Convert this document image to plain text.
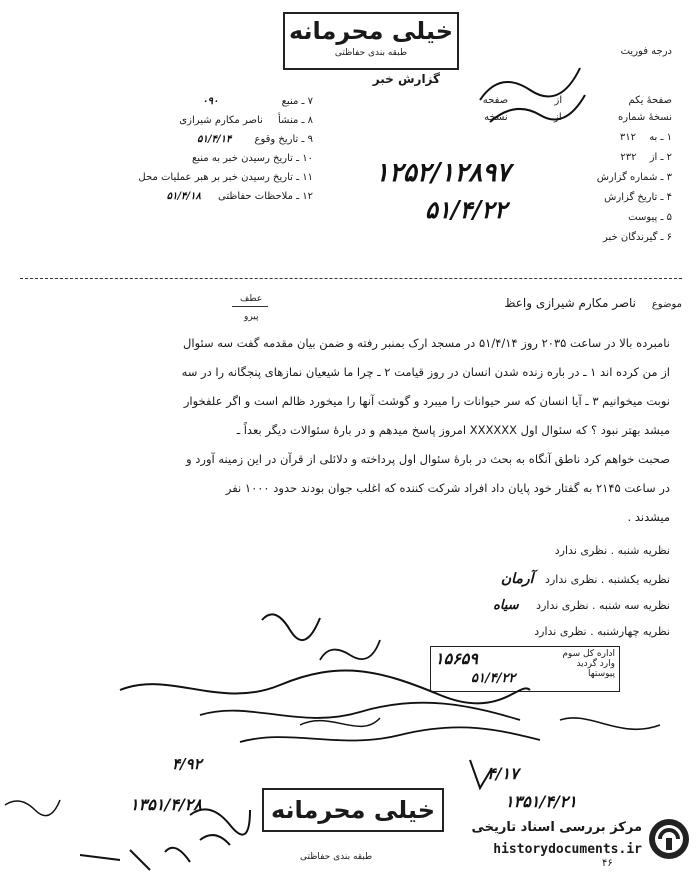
خیلی محرمانه
طبقه بندی حفاظتی	درجه فوریت
گزارش خبر
صفحهٔ یکم  از  صفحه
نسخهٔ شماره  از  نسخه
۱ ـ به ۳۱۲
۲ ـ از ۲۳۲
۳ ـ شماره گزارش
۴ ـ تاریخ گزارش
۵ ـ پیوست
۶ ـ گیرندگان خبر
۷ ـ منبع ۰۹۰
۸ ـ منشأ ناصر مکارم شیرازی
۹ ـ تاریخ وقوع ۵۱/۴/۱۴
۱۰ ـ تاریخ رسیدن خبر به منبع
۱۱ ـ تاریخ رسیدن خبر بر هبر عملیات محل
۱۲ ـ ملاحظات حفاظتی ۵۱/۴/۱۸
۱۲۵۲/۱۲۸۹۷
۵۱/۴/۲۲
موضوع ناصر مکارم شیرازی واعظ
عطف
پیرو
نامبرده بالا در ساعت ۲۰۳۵ روز ۵۱/۴/۱۴ در مسجد ارک بمنبر رفته و ضمن بیان مقدمه گفت سه سئوال
از من کرده اند ۱ ـ در باره زنده شدن انسان در روز قیامت ۲ ـ چرا ما شیعیان نمازهای پنجگانه را در سه
نوبت میخوانیم ۳ ـ آیا انسان که سر حیوانات را میبرد و گوشت آنها را میخورد ظالم است و اگر علفخوار
میشد بهتر نبود ؟ که سئوال اول XXXXXX امروز پاسخ میدهم و در بارهٔ سئوالات دیگر بعداً ـ
صحبت خواهم کرد ناطق آنگاه به بحث در بارهٔ سئوال اول پرداخته و دلائلی از قرآن در این زمینه آورد و
در ساعت ۲۱۴۵ به گفتار خود پایان داد افراد شرکت کننده که اغلب جوان بودند حدود ۱۰۰۰ نفر
میشدند .
نظریه شنبه . نظری ندارد
نظریه یکشنبه . نظری ندارد آرمان
نظریه سه شنبه . نظری ندارد سیاه
نظریه چهارشنبه . نظری ندارد
اداره کل سوم
وارد گردید
پیوستها
۱۵۶۵۹
۵۱/۴/۲۲
۴/۱۷
۴/۹۲
۱۳۵۱/۴/۲۸	۱۳۵۱/۴/۲۱
خیلی محرمانه
طبقه بندی حفاظتی
۴۶
مرکز بررسی اسناد تاریخی
historydocuments.ir
